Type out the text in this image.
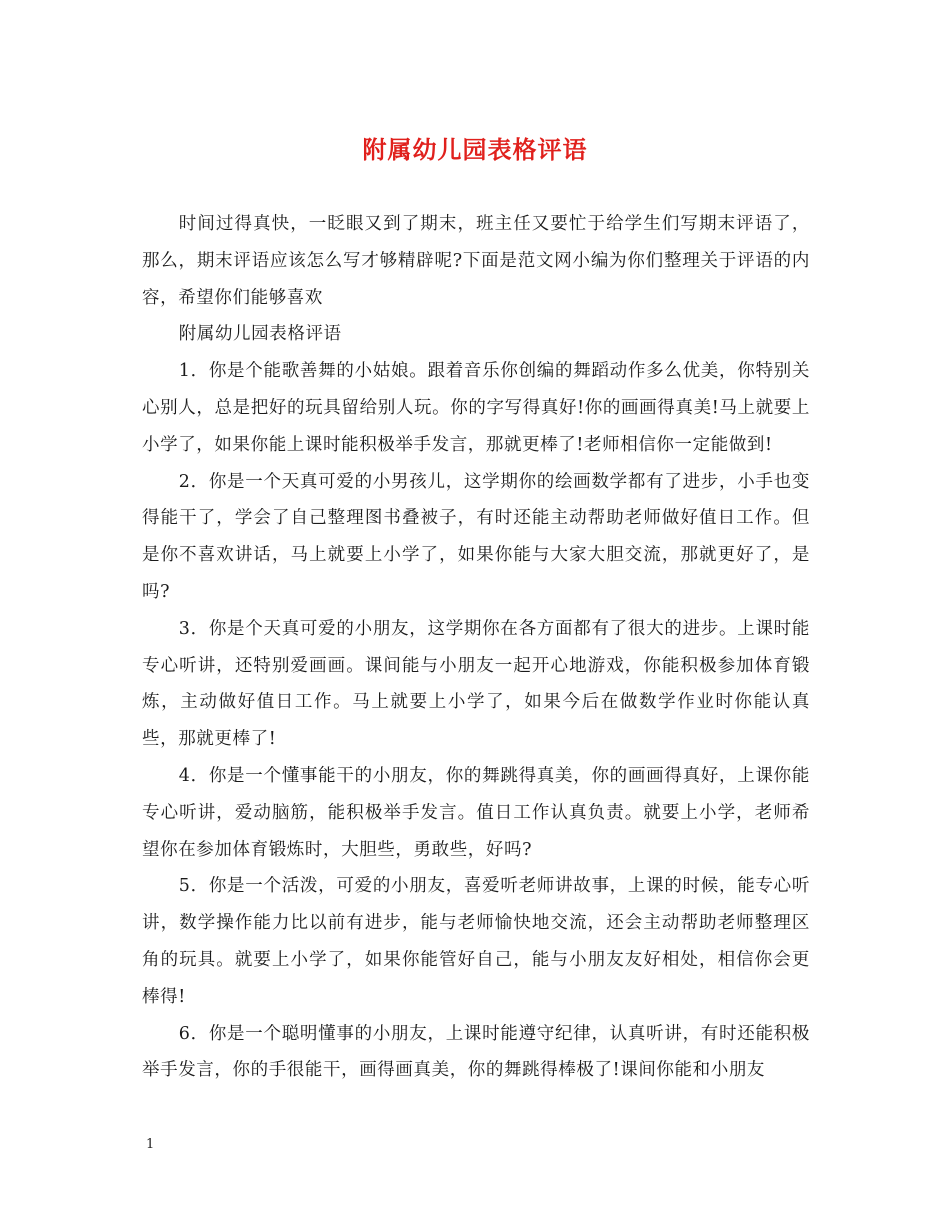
附属幼儿园表格评语

时间过得真快，一眨眼又到了期末，班主任又要忙于给学生们写期末评语了，那么，期末评语应该怎么写才够精辟呢?下面是范文网小编为你们整理关于评语的内容，希望你们能够喜欢

附属幼儿园表格评语

1．你是个能歌善舞的小姑娘。跟着音乐你创编的舞蹈动作多么优美，你特别关心别人，总是把好的玩具留给别人玩。你的字写得真好!你的画画得真美!马上就要上小学了，如果你能上课时能积极举手发言，那就更棒了!老师相信你一定能做到!

2．你是一个天真可爱的小男孩儿，这学期你的绘画数学都有了进步，小手也变得能干了，学会了自己整理图书叠被子，有时还能主动帮助老师做好值日工作。但是你不喜欢讲话，马上就要上小学了，如果你能与大家大胆交流，那就更好了，是吗?

3．你是个天真可爱的小朋友，这学期你在各方面都有了很大的进步。上课时能专心听讲，还特别爱画画。课间能与小朋友一起开心地游戏，你能积极参加体育锻炼，主动做好值日工作。马上就要上小学了，如果今后在做数学作业时你能认真些，那就更棒了!

4．你是一个懂事能干的小朋友，你的舞跳得真美，你的画画得真好，上课你能专心听讲，爱动脑筋，能积极举手发言。值日工作认真负责。就要上小学，老师希望你在参加体育锻炼时，大胆些，勇敢些，好吗?

5．你是一个活泼，可爱的小朋友，喜爱听老师讲故事，上课的时候，能专心听讲，数学操作能力比以前有进步，能与老师愉快地交流，还会主动帮助老师整理区角的玩具。就要上小学了，如果你能管好自己，能与小朋友友好相处，相信你会更棒得!

6．你是一个聪明懂事的小朋友，上课时能遵守纪律，认真听讲，有时还能积极举手发言，你的手很能干，画得画真美，你的舞跳得棒极了!课间你能和小朋友

1
